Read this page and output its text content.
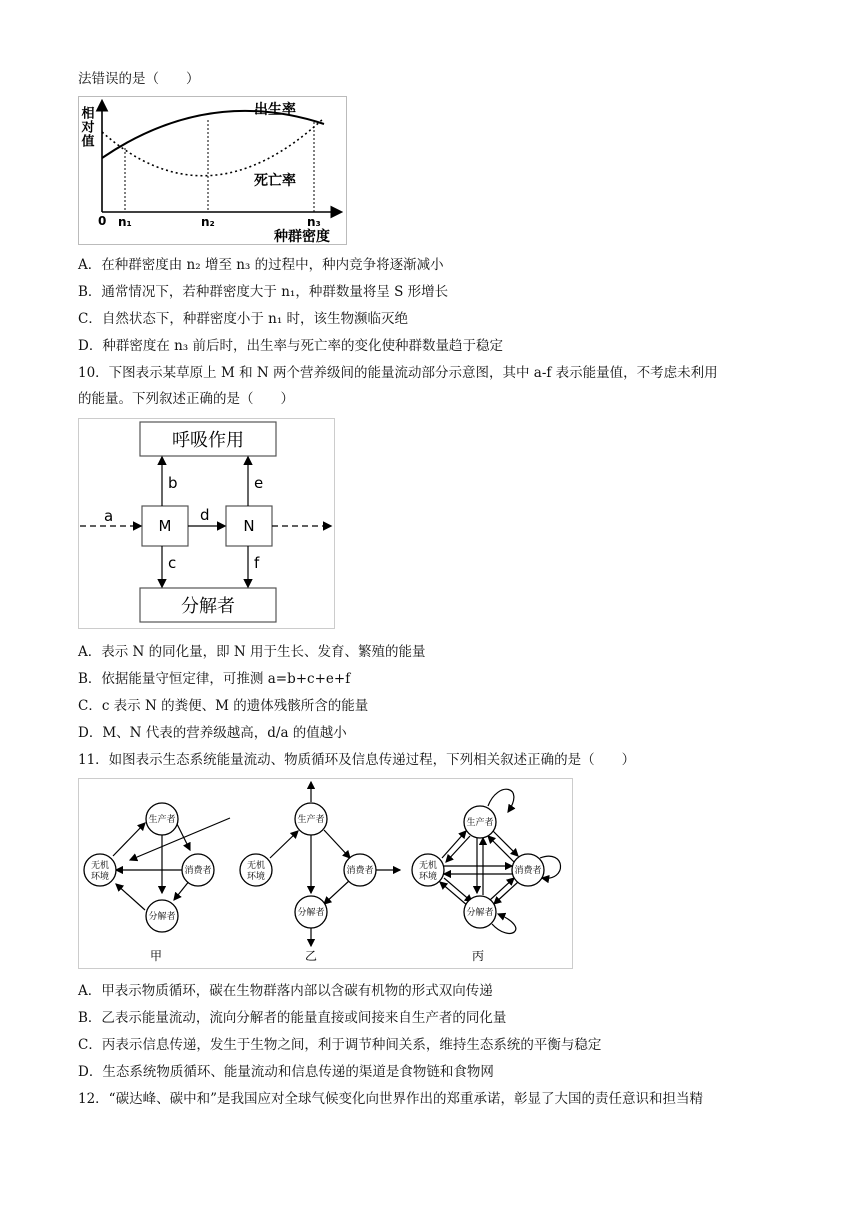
法错误的是（　　）
相对值	出生率
死亡率
0 n₁	n₂	n₃
种群密度
A．在种群密度由 n₂ 增至 n₃ 的过程中，种内竞争将逐渐减小
B．通常情况下，若种群密度大于 n₁，种群数量将呈 S 形增长
C．自然状态下，种群密度小于 n₁ 时，该生物濒临灭绝
D．种群密度在 n₃ 前后时，出生率与死亡率的变化使种群数量趋于稳定
10．下图表示某草原上 M 和 N 两个营养级间的能量流动部分示意图，其中 a-f 表示能量值，不考虑未利用
的能量。下列叙述正确的是（　　）
呼吸作用
M	N
分解者
a	d
b	e
c	f
A．表示 N 的同化量，即 N 用于生长、发育、繁殖的能量
B．依据能量守恒定律，可推测 a=b+c+e+f
C．c 表示 N 的粪便、M 的遗体残骸所含的能量
D．M、N 代表的营养级越高，d/a 的值越小
11．如图表示生态系统能量流动、物质循环及信息传递过程，下列相关叙述正确的是（　　）
生产者
无机
环境
消费者
分解者
甲
生产者
无机
环境
消费者
分解者
乙
生产者
无机
环境
消费者
分解者
丙
A．甲表示物质循环，碳在生物群落内部以含碳有机物的形式双向传递
B．乙表示能量流动，流向分解者的能量直接或间接来自生产者的同化量
C．丙表示信息传递，发生于生物之间，利于调节种间关系，维持生态系统的平衡与稳定
D．生态系统物质循环、能量流动和信息传递的渠道是食物链和食物网
12．“碳达峰、碳中和”是我国应对全球气候变化向世界作出的郑重承诺，彰显了大国的责任意识和担当精
